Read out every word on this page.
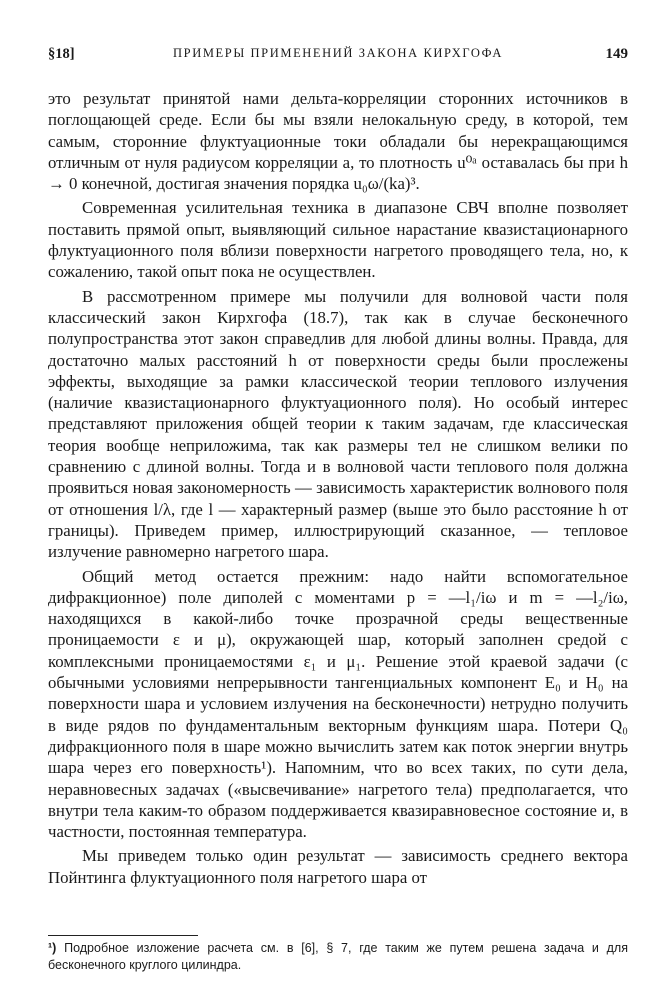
§18]	ПРИМЕРЫ ПРИМЕНЕНИЙ ЗАКОНА КИРХГОФА	149

это результат принятой нами дельта-корреляции сторонних источников в поглощающей среде. Если бы мы взяли нелокальную среду, в которой, тем самым, сторонние флуктуационные токи обладали бы нерекращающимся отличным от нуля радиусом корреляции a, то плотность u⁰ᵃ оставалась бы при h → 0 конечной, достигая значения порядка u₀ω/(ka)³.

Современная усилительная техника в диапазоне СВЧ вполне позволяет поставить прямой опыт, выявляющий сильное нарастание квазистационарного флуктуационного поля вблизи поверхности нагретого проводящего тела, но, к сожалению, такой опыт пока не осуществлен.

В рассмотренном примере мы получили для волновой части поля классический закон Кирхгофа (18.7), так как в случае бесконечного полупространства этот закон справедлив для любой длины волны. Правда, для достаточно малых расстояний h от поверхности среды были прослежены эффекты, выходящие за рамки классической теории теплового излучения (наличие квазистационарного флуктуационного поля). Но особый интерес представляют приложения общей теории к таким задачам, где классическая теория вообще неприложима, так как размеры тел не слишком велики по сравнению с длиной волны. Тогда и в волновой части теплового поля должна проявиться новая закономерность — зависимость характеристик волнового поля от отношения l/λ, где l — характерный размер (выше это было расстояние h от границы). Приведем пример, иллюстрирующий сказанное, — тепловое излучение равномерно нагретого шара.

Общий метод остается прежним: надо найти вспомогательное дифракционное) поле диполей с моментами p = —l₁/iω и m = —l₂/iω, находящихся в какой-либо точке прозрачной среды вещественные проницаемости ε и μ), окружающей шар, который заполнен средой с комплексными проницаемостями ε₁ и μ₁. Решение этой краевой задачи (с обычными условиями непрерывности тангенциальных компонент E₀ и H₀ на поверхности шара и условием излучения на бесконечности) нетрудно получить в виде рядов по фундаментальным векторным функциям шара. Потери Q₀ дифракционного поля в шаре можно вычислить затем как поток энергии внутрь шара через его поверхность¹). Напомним, что во всех таких, по сути дела, неравновесных задачах («высвечивание» нагретого тела) предполагается, что внутри тела каким-то образом поддерживается квазиравновесное состояние и, в частности, постоянная температура.

Мы приведем только один результат — зависимость среднего вектора Пойнтинга флуктуационного поля нагретого шара от

¹) Подробное изложение расчета см. в [6], § 7, где таким же путем решена задача и для бесконечного круглого цилиндра.
